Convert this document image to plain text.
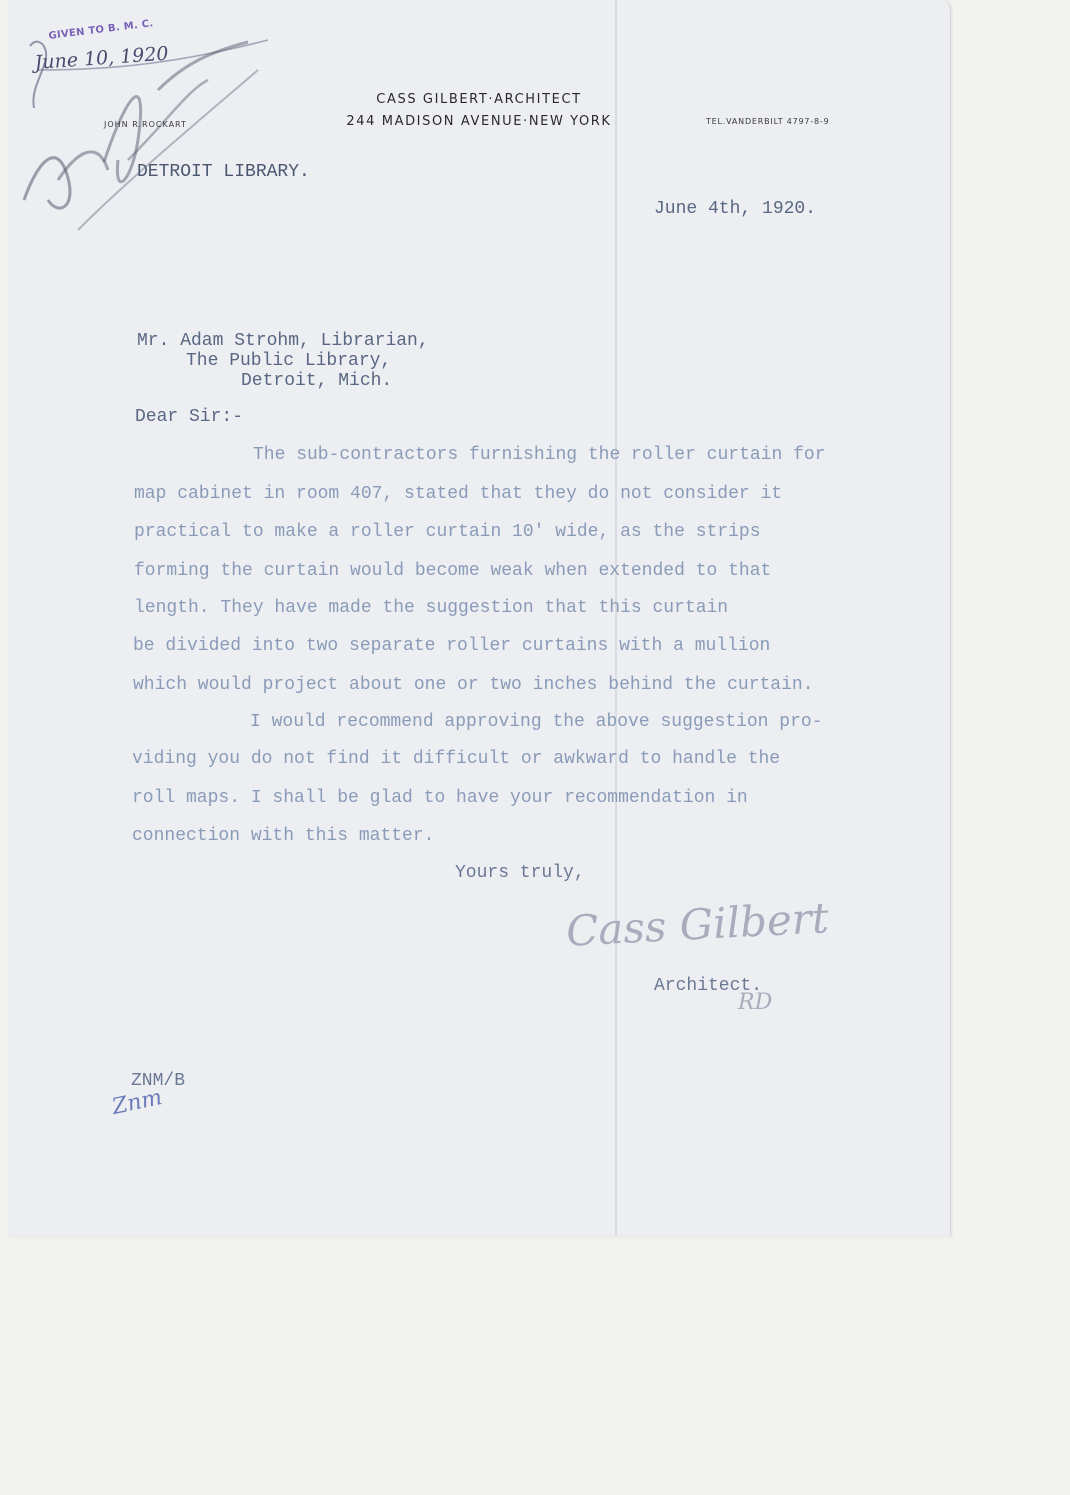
GIVEN TO B. M. C.
June 10, 1920
CASS GILBERT·ARCHITECT
244 MADISON AVENUE·NEW YORK
JOHN R.ROCKART	TEL.VANDERBILT 4797-8-9
DETROIT LIBRARY.
June 4th, 1920.
Mr. Adam Strohm, Librarian,
The Public Library,
Detroit, Mich.
Dear Sir:-
The sub-contractors furnishing the roller curtain for
map cabinet in room 407, stated that they do not consider it
practical to make a roller curtain 10' wide, as the strips
forming the curtain would become weak when extended to that
length. They have made the suggestion that this curtain
be divided into two separate roller curtains with a mullion
which would project about one or two inches behind the curtain.
I would recommend approving the above suggestion pro-
viding you do not find it difficult or awkward to handle the
roll maps. I shall be glad to have your recommendation in
connection with this matter.
Yours truly,
Cass Gilbert
Architect.
RD
ZNM/B
Znm
